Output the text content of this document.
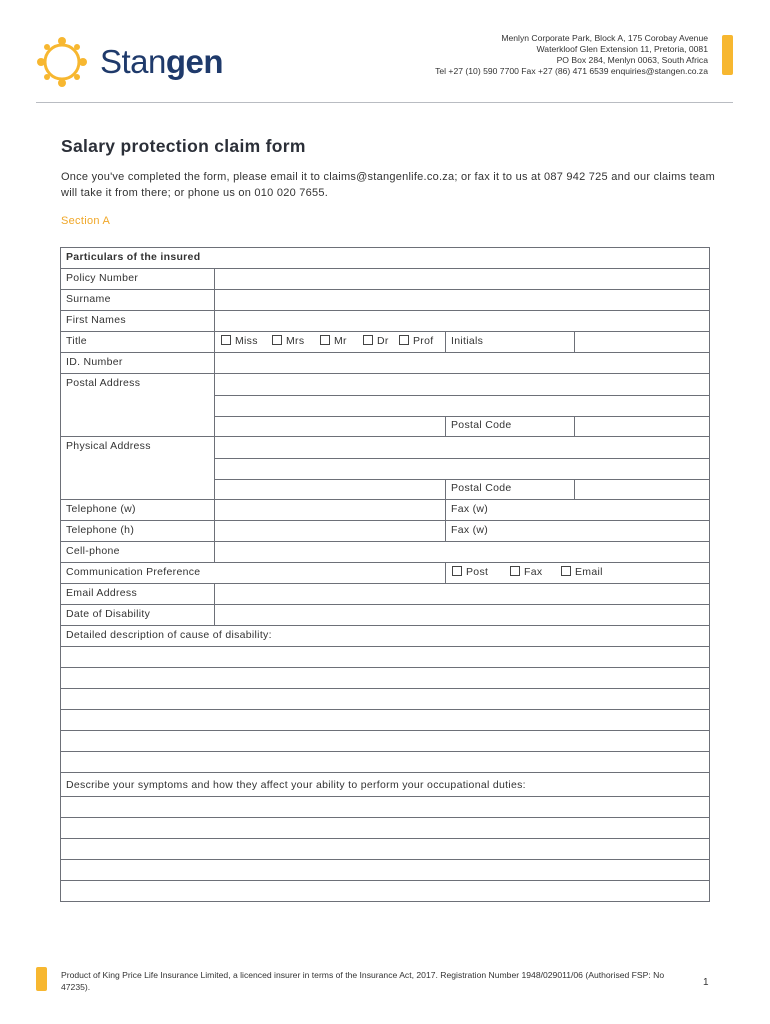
Stangen
Menlyn Corporate Park, Block A, 175 Corobay Avenue
Waterkloof Glen Extension 11, Pretoria, 0081
PO Box 284, Menlyn 0063, South Africa
Tel +27 (10) 590 7700 Fax +27 (86) 471 6539 enquiries@stangen.co.za
Salary protection claim form
Once you've completed the form, please email it to claims@stangenlife.co.za; or fax it to us at 087 942 725 and our claims team will take it from there; or phone us on 010 020 7655.
Section A
Particulars of the insured
Policy Number
Surname
First Names
Title	Miss	Mrs	Mr	Dr	Prof	Initials
ID. Number
Postal Address
Postal Code
Physical Address
Postal Code
Telephone (w)	Fax (w)
Telephone (h)	Fax (w)
Cell-phone
Communication Preference	Post	Fax	Email
Email Address
Date of Disability
Detailed description of cause of disability:
Describe your symptoms and how they affect your ability to perform your occupational duties:
Product of King Price Life Insurance Limited, a licenced insurer in terms of the Insurance Act, 2017. Registration Number 1948/029011/06 (Authorised FSP: No 47235).	1
